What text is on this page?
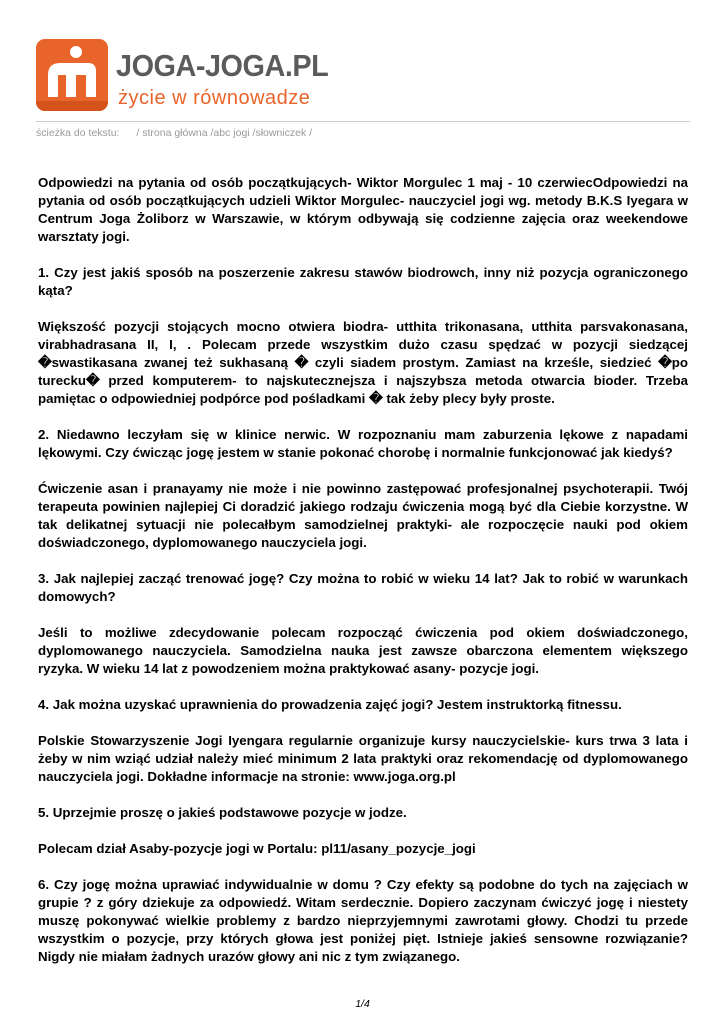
JOGA-JOGA.PL
życie w równowadze
ścieżka do tekstu: / strona główna /abc jogi /słowniczek /

Odpowiedzi na pytania od osób początkujących- Wiktor Morgulec 1 maj - 10 czerwiecOdpowiedzi na pytania od osób początkujących udzieli Wiktor Morgulec- nauczyciel jogi wg. metody B.K.S Iyegara w Centrum Joga Żoliborz w Warszawie, w którym odbywają się codzienne zajęcia oraz weekendowe warsztaty jogi.

1. Czy jest jakiś sposób na poszerzenie zakresu stawów biodrowch, inny niż pozycja ograniczonego kąta?

Większość pozycji stojących mocno otwiera biodra- utthita trikonasana, utthita parsvakonasana, virabhadrasana II, I, . Polecam przede wszystkim dużo czasu spędzać w pozycji siedzącej �swastikasana zwanej też sukhasaną � czyli siadem prostym. Zamiast na krześle, siedzieć �po turecku� przed komputerem- to najskutecznejsza i najszybsza metoda otwarcia bioder. Trzeba pamiętac o odpowiedniej podpórce pod pośladkami � tak żeby plecy były proste.

2. Niedawno leczyłam się w klinice nerwic. W rozpoznaniu mam zaburzenia lękowe z napadami lękowymi. Czy ćwicząc jogę jestem w stanie pokonać chorobę i normalnie funkcjonować jak kiedyś?

Ćwiczenie asan i pranayamy nie może i nie powinno zastępować profesjonalnej psychoterapii. Twój terapeuta powinien najlepiej Ci doradzić jakiego rodzaju ćwiczenia mogą być dla Ciebie korzystne. W tak delikatnej sytuacji nie polecałbym samodzielnej praktyki- ale rozpoczęcie nauki pod okiem doświadczonego, dyplomowanego nauczyciela jogi.

3. Jak najlepiej zacząć trenować jogę? Czy można to robić w wieku 14 lat? Jak to robić w warunkach domowych?

Jeśli to możliwe zdecydowanie polecam rozpocząć ćwiczenia pod okiem doświadczonego, dyplomowanego nauczyciela. Samodzielna nauka jest zawsze obarczona elementem większego ryzyka. W wieku 14 lat z powodzeniem można praktykować asany- pozycje jogi.

4. Jak można uzyskać uprawnienia do prowadzenia zajęć jogi? Jestem instruktorką fitnessu.

Polskie Stowarzyszenie Jogi Iyengara regularnie organizuje kursy nauczycielskie- kurs trwa 3 lata i żeby w nim wziąć udział należy mieć minimum 2 lata praktyki oraz rekomendację od dyplomowanego nauczyciela jogi. Dokładne informacje na stronie: www.joga.org.pl

5. Uprzejmie proszę o jakieś podstawowe pozycje w jodze.

Polecam dział Asaby-pozycje jogi w Portalu: pl11/asany_pozycje_jogi

6. Czy jogę można uprawiać indywidualnie w domu ? Czy efekty są podobne do tych na zajęciach w grupie ? z góry dziekuje za odpowiedź. Witam serdecznie. Dopiero zaczynam ćwiczyć jogę i niestety muszę pokonywać wielkie problemy z bardzo nieprzyjemnymi zawrotami głowy. Chodzi tu przede wszystkim o pozycje, przy których głowa jest poniżej pięt. Istnieje jakieś sensowne rozwiązanie? Nigdy nie miałam żadnych urazów głowy ani nic z tym związanego.

1/4
